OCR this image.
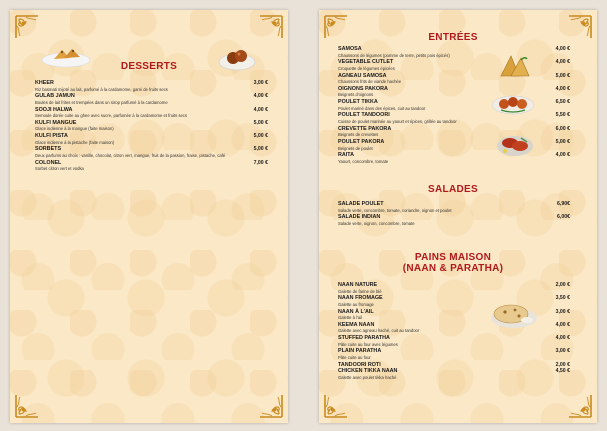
DESSERTS
KHEER
Riz basmati mijoté au lait, parfumé à la cardamome, garni de fruits secs
3,00 €
GULAB JAMUN
Boules de lait frites et trempées dans un sirop parfumé à la cardamome
4,00 €
SOOJI HALWA
Semoule dorée cuite au ghee avec sucre, parfumée à la cardamome et fruits secs
4,00 €
KULFI MANGUE
Glace indienne à la mangue (faite maison)
5,00 €
KULFI PISTA
Glace indienne à la pistache (faite maison)
5,00 €
SORBETS
Deux parfums au choix : vanille, chocolat, citron vert, mangue, fruit de la passion, fraise, pistache, café
5,00 €
COLONEL
Sorbet citron vert et vodka
7,00 €
ENTRÉES
SAMOSA
Chaussons de légumes (pomme de terre, petits pois épicés)
4,00 €
VEGETABLE CUTLET
Croquette de légumes épicées
4,00 €
AGNEAU SAMOSA
Chaussons frits de viande hachée
5,00 €
OIGNONS PAKORA
Beignets d'oignons
4,00 €
POULET TIKKA
Poulet mariné dans des épices, cuit au tandoor
6,50 €
POULET TANDOORI
Cuisse de poulet marinée au yaourt et épices, grillée au tandoor
5,50 €
CREVETTE PAKORA
Beignets de crevettes
6,00 €
POULET PAKORA
Beignets de poulet
5,00 €
RAITA
Yaourt, concombre, tomate
4,00 €
SALADES
SALADE POULET
Salade verte, concombre, tomate, coriandre, oignon et poulet
6,90€
SALADE INDIAN
Salade verte, oignon, concombre, tomate
6,00€
PAINS MAISON
(NAAN & PARATHA)
NAAN NATURE
Galette de farine de blé
2,00 €
NAAN FROMAGE
Galette au fromage
3,50 €
NAAN À L'AIL
Galette à l'ail
3,00 €
KEEMA NAAN
Galette avec agneau haché, cuit au tandoor
4,00 €
STUFFED PARATHA
Pâte cuite au four avec légumes
4,00 €
PLAIN PARATHA
Pâte cuite au four
3,00 €
TANDOORI ROTI	2,00 €
CHICKEN TIKKA NAAN
Galette avec poulet tikka haché
4,50 €
